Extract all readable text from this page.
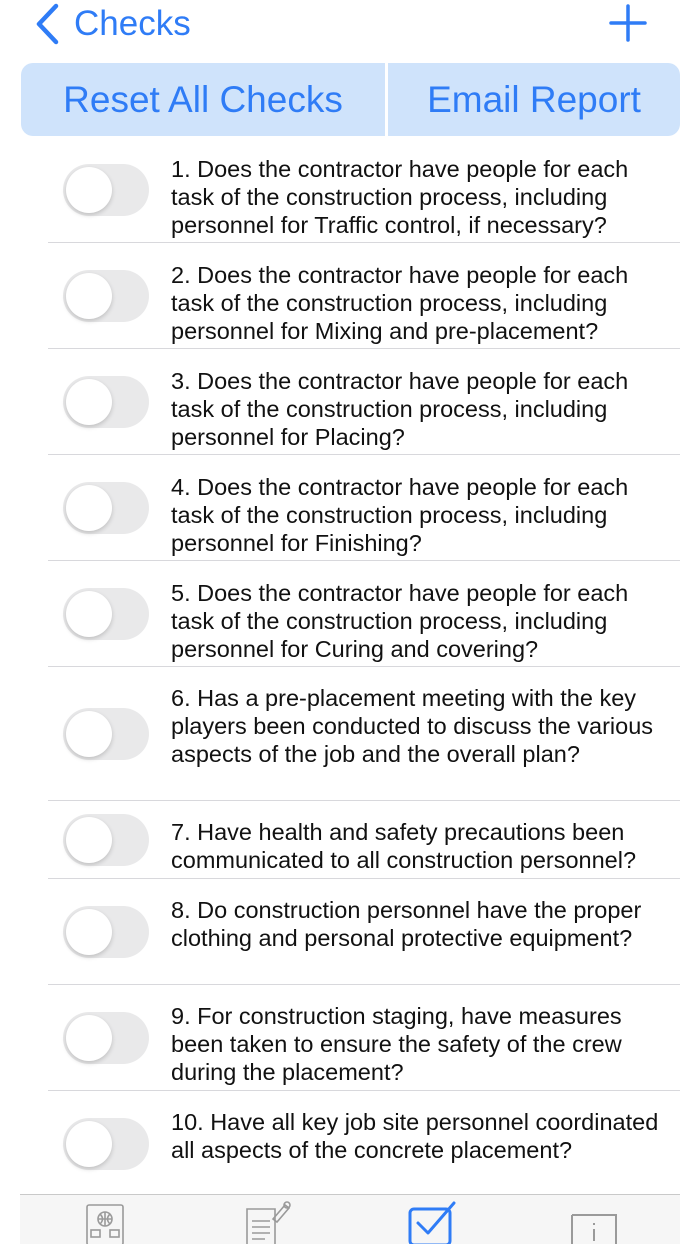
Checks
Reset All Checks	Email Report
1. Does the contractor have people for each task of the construction process, including personnel for Traffic control, if necessary?
2. Does the contractor have people for each task of the construction process, including personnel for Mixing and pre-placement?
3. Does the contractor have people for each task of the construction process, including personnel for Placing?
4. Does the contractor have people for each task of the construction process, including personnel for Finishing?
5. Does the contractor have people for each task of the construction process, including personnel for Curing and covering?
6. Has a pre-placement meeting with the key players been conducted to discuss the various aspects of the job and the overall plan?
7. Have health and safety precautions been communicated to all construction personnel?
8. Do construction personnel have the proper clothing and personal protective equipment?
9. For construction staging, have measures been taken to ensure the safety of the crew during the placement?
10. Have all key job site personnel coordinated all aspects of the concrete placement?
